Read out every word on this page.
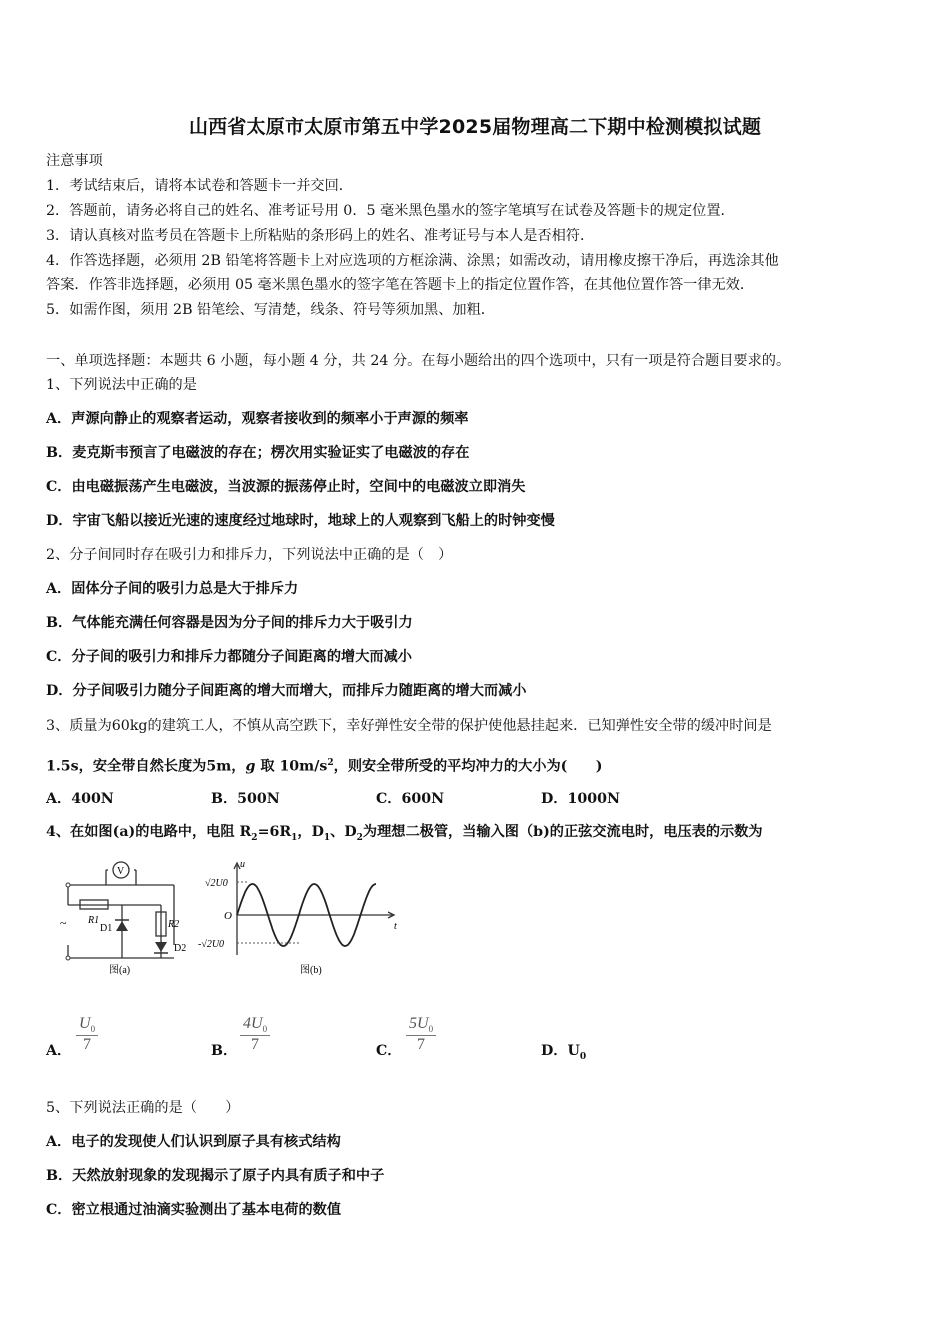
山西省太原市太原市第五中学2025届物理高二下期中检测模拟试题
注意事项
1．考试结束后，请将本试卷和答题卡一并交回．
2．答题前，请务必将自己的姓名、准考证号用 0．5 毫米黑色墨水的签字笔填写在试卷及答题卡的规定位置．
3．请认真核对监考员在答题卡上所粘贴的条形码上的姓名、准考证号与本人是否相符．
4．作答选择题，必须用 2B 铅笔将答题卡上对应选项的方框涂满、涂黑；如需改动，请用橡皮擦干净后，再选涂其他
答案．作答非选择题，必须用 05 毫米黑色墨水的签字笔在答题卡上的指定位置作答，在其他位置作答一律无效．
5．如需作图，须用 2B 铅笔绘、写清楚，线条、符号等须加黑、加粗．
一、单项选择题：本题共 6 小题，每小题 4 分，共 24 分。在每小题给出的四个选项中，只有一项是符合题目要求的。
1、下列说法中正确的是
A．声源向静止的观察者运动，观察者接收到的频率小于声源的频率
B．麦克斯韦预言了电磁波的存在；楞次用实验证实了电磁波的存在
C．由电磁振荡产生电磁波，当波源的振荡停止时，空间中的电磁波立即消失
D．宇宙飞船以接近光速的速度经过地球时，地球上的人观察到飞船上的时钟变慢
2、分子间同时存在吸引力和排斥力，下列说法中正确的是（　）
A．固体分子间的吸引力总是大于排斥力
B．气体能充满任何容器是因为分子间的排斥力大于吸引力
C．分子间的吸引力和排斥力都随分子间距离的增大而减小
D．分子间吸引力随分子间距离的增大而增大，而排斥力随距离的增大而减小
3、质量为60kg的建筑工人，不慎从高空跌下，幸好弹性安全带的保护使他悬挂起来．已知弹性安全带的缓冲时间是
1.5s，安全带自然长度为5m，g 取 $10m/s^2$，则安全带所受的平均冲力的大小为(　　)
A．400N	B．500N	C．600N	D．1000N
4、在如图(a)的电路中，电阻 $R_2=6R_1$，$D_1$、$D_2$为理想二极管，当输入图（b)的正弦交流电时，电压表的示数为
V
R1	R2
D1
D2
~
图(a)
u
t
O
√2U0
-√2U0
图(b)
A．
$U_0$
7	B．
$4U_0$
7	C．
$5U_0$
7	D．$U_0$
5、下列说法正确的是（　　）
A．电子的发现使人们认识到原子具有核式结构
B．天然放射现象的发现揭示了原子内具有质子和中子
C．密立根通过油滴实验测出了基本电荷的数值
